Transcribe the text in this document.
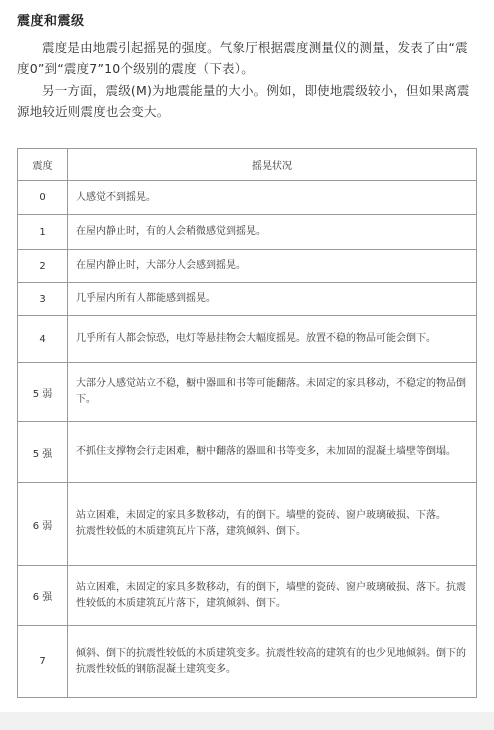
震度和震级

震度是由地震引起摇晃的强度。气象厅根据震度测量仪的测量，发表了由“震度0”到“震度7”10个级别的震度（下表）。

另一方面，震级(M)为地震能量的大小。例如，即使地震级较小，但如果离震源地较近则震度也会变大。

震度	摇晃状况
0	人感觉不到摇晃。
1	在屋内静止时，有的人会稍微感觉到摇晃。
2	在屋内静止时，大部分人会感到摇晃。
3	几乎屋内所有人都能感到摇晃。
4	几乎所有人都会惊恐，电灯等悬挂物会大幅度摇晃。放置不稳的物品可能会倒下。
5 弱	大部分人感觉站立不稳，橱中器皿和书等可能翻落。未固定的家具移动，不稳定的物品倒下。
5 强	不抓住支撑物会行走困难，橱中翻落的器皿和书等变多，未加固的混凝土墙壁等倒塌。
6 弱	站立困难，未固定的家具多数移动，有的倒下。墙壁的瓷砖、窗户玻璃破损、下落。
抗震性较低的木质建筑瓦片下落，建筑倾斜、倒下。

6 强	站立困难，未固定的家具多数移动，有的倒下，墙壁的瓷砖、窗户玻璃破损、落下。抗震性较低的木质建筑瓦片落下，建筑倾斜、倒下。
7	倾斜、倒下的抗震性较低的木质建筑变多。抗震性较高的建筑有的也少见地倾斜。倒下的抗震性较低的钢筋混凝土建筑变多。
